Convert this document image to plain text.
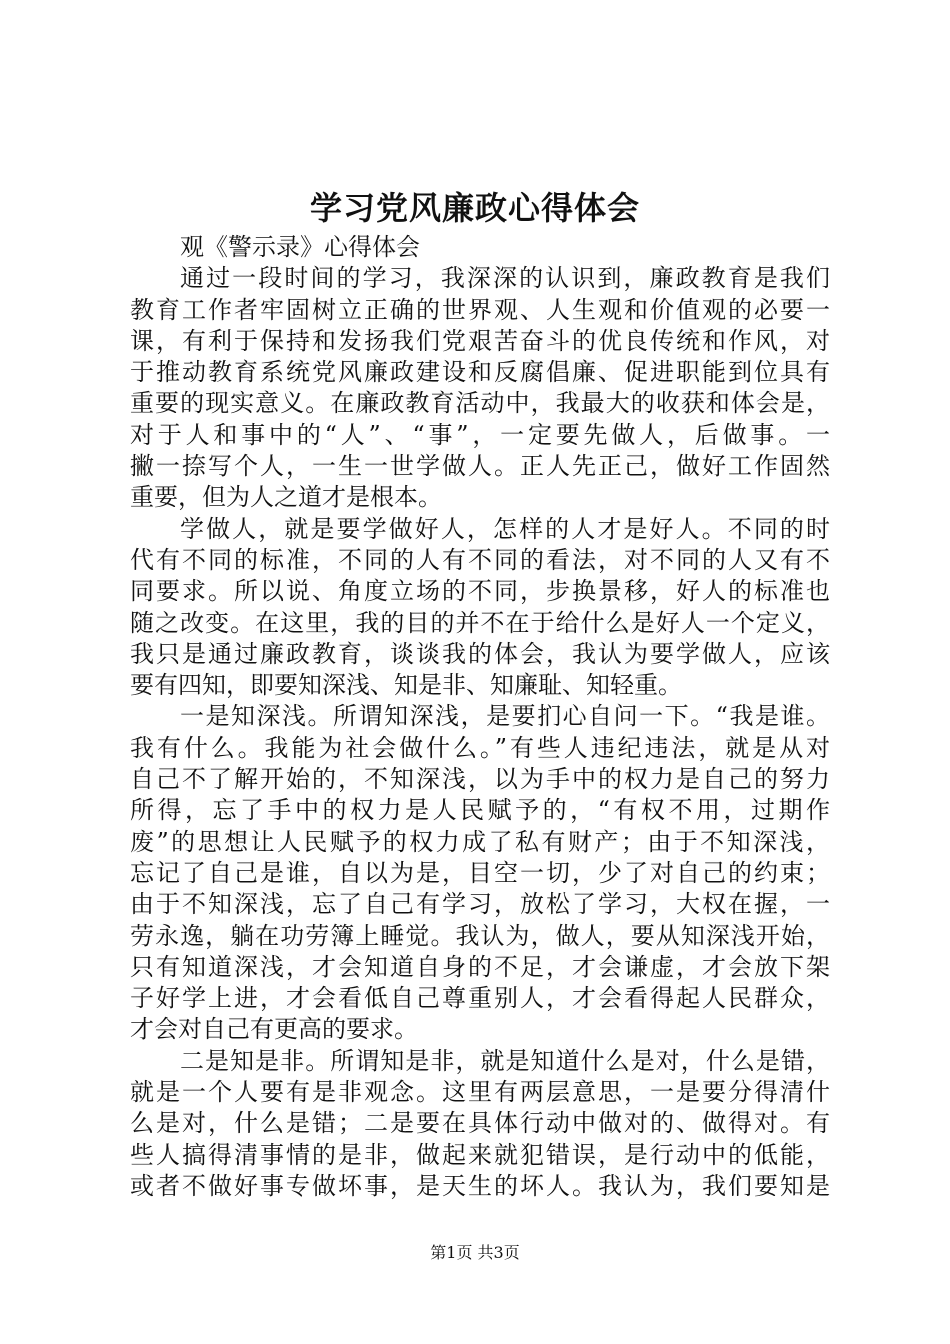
学习党风廉政心得体会
观《警示录》心得体会
通过一段时间的学习，我深深的认识到，廉政教育是我们
教育工作者牢固树立正确的世界观、人生观和价值观的必要一
课，有利于保持和发扬我们党艰苦奋斗的优良传统和作风，对
于推动教育系统党风廉政建设和反腐倡廉、促进职能到位具有
重要的现实意义。在廉政教育活动中，我最大的收获和体会是，
对于人和事中的“人”、“事”，一定要先做人，后做事。一
撇一捺写个人，一生一世学做人。正人先正己，做好工作固然
重要，但为人之道才是根本。
学做人，就是要学做好人，怎样的人才是好人。不同的时
代有不同的标准，不同的人有不同的看法，对不同的人又有不
同要求。所以说、角度立场的不同，步换景移，好人的标准也
随之改变。在这里，我的目的并不在于给什么是好人一个定义，
我只是通过廉政教育，谈谈我的体会，我认为要学做人，应该
要有四知，即要知深浅、知是非、知廉耻、知轻重。
一是知深浅。所谓知深浅，是要扪心自问一下。“我是谁。
我有什么。我能为社会做什么。”有些人违纪违法，就是从对
自己不了解开始的，不知深浅，以为手中的权力是自己的努力
所得，忘了手中的权力是人民赋予的，“有权不用，过期作
废”的思想让人民赋予的权力成了私有财产；由于不知深浅，
忘记了自己是谁，自以为是，目空一切，少了对自己的约束；
由于不知深浅，忘了自己有学习，放松了学习，大权在握，一
劳永逸，躺在功劳簿上睡觉。我认为，做人，要从知深浅开始，
只有知道深浅，才会知道自身的不足，才会谦虚，才会放下架
子好学上进，才会看低自己尊重别人，才会看得起人民群众，
才会对自己有更高的要求。
二是知是非。所谓知是非，就是知道什么是对，什么是错，
就是一个人要有是非观念。这里有两层意思，一是要分得清什
么是对，什么是错；二是要在具体行动中做对的、做得对。有
些人搞得清事情的是非，做起来就犯错误，是行动中的低能，
或者不做好事专做坏事，是天生的坏人。我认为，我们要知是
第1页 共3页
